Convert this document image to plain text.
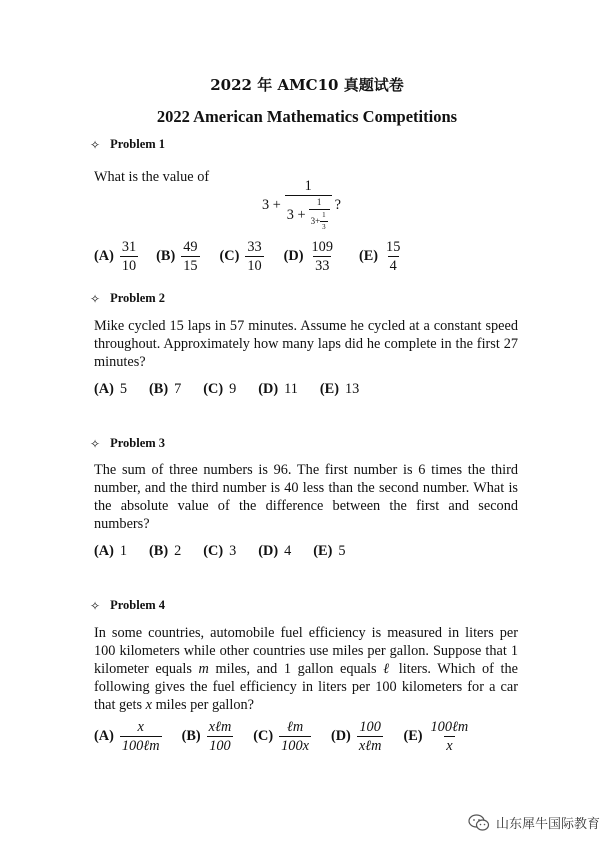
2022 年 AMC10 真题试卷
2022 American Mathematics Competitions
✧ Problem 1
What is the value of
3 +
1
$3 + \frac{1}{3+ \frac{1}{3}}$ ?
$(A) \frac{31}{10} (B) \frac{49}{15} (C) \frac{33}{10} (D) \frac{109}{33} (E) \frac{15}{4}$
✧ Problem 2
Mike cycled 15 laps in 57 minutes. Assume he cycled at a constant speed throughout. Approximately how many laps did he complete in the first 27 minutes?
(A) 5 (B) 7 (C) 9 (D) 11 (E) 13
✧ Problem 3
The sum of three numbers is 96. The first number is 6 times the third number, and the third number is 40 less than the second number. What is the absolute value of the difference between the first and second numbers?
(A) 1 (B) 2 (C) 3 (D) 4 (E) 5
✧ Problem 4
In some countries, automobile fuel efficiency is measured in liters per 100 kilometers while other countries use miles per gallon. Suppose that 1 kilometer equals m miles, and 1 gallon equals ℓ liters. Which of the following gives the fuel efficiency in liters per 100 kilometers for a car that gets x miles per gallon?
$(A) \frac{x}{\text{100ℓm}} (B) \frac{\text{xℓm}}{100} (C) \frac{\text{ℓm}}{100x} (D) \frac{100}{\text{xℓm}} (E) \frac{\text{100ℓm}}{x}$
山东犀牛国际教育
